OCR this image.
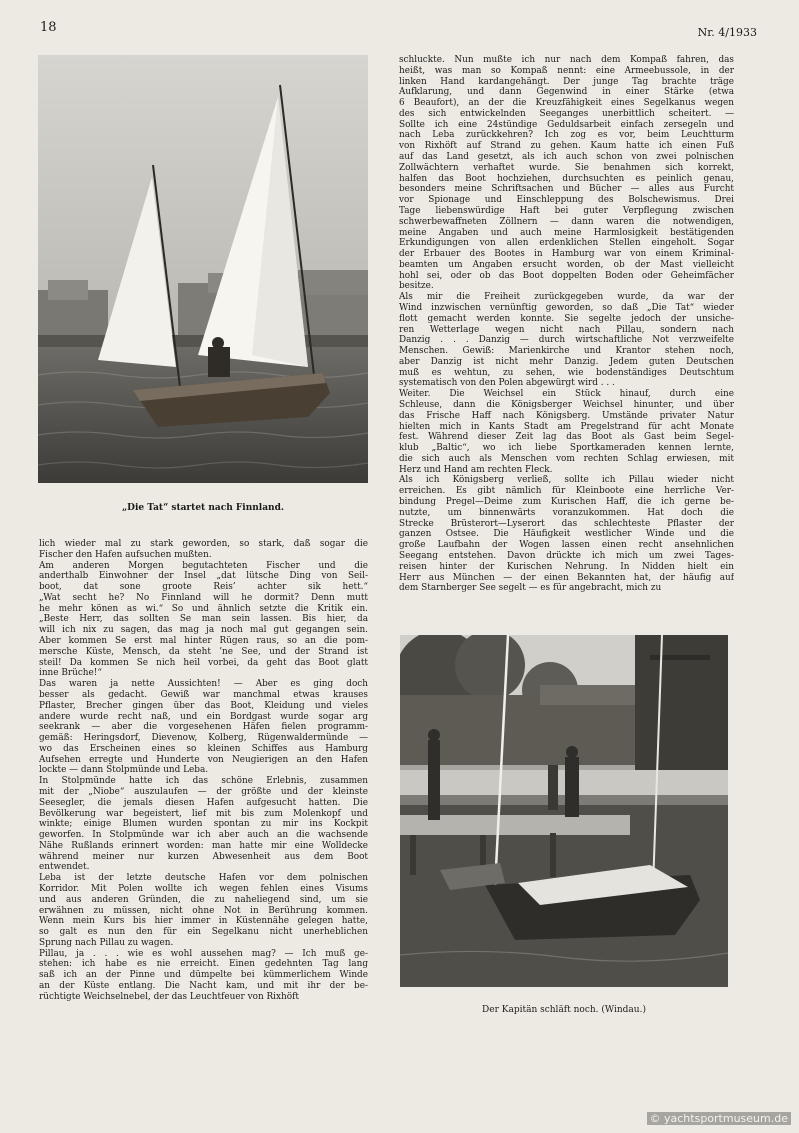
18	Nr. 4/1933
„Die Tat“ startet nach Finnland.
Der Kapitän schläft noch. (Windau.)
lich wieder mal zu stark geworden, so stark, daß sogar die
Fischer den Hafen aufsuchen mußten.
Am anderen Morgen begutachteten Fischer und die
anderthalb Einwohner der Insel „dat lütsche Ding von Seil-
boot, dat sone groote Reis’ achter sik hett.“
„Wat secht he? No Finnland will he dormit? Denn mutt
he mehr könen as wi.“ So und ähnlich setzte die Kritik ein.
„Beste Herr, das sollten Se man sein lassen. Bis hier, da
will ich nix zu sagen, das mag ja noch mal gut gegangen sein.
Aber kommen Se erst mal hinter Rügen raus, so an die pom-
mersche Küste, Mensch, da steht ’ne See, und der Strand ist
steil! Da kommen Se nich heil vorbei, da geht das Boot glatt
inne Brüche!“
Das waren ja nette Aussichten! — Aber es ging doch
besser als gedacht. Gewiß war manchmal etwas krauses
Pflaster, Brecher gingen über das Boot, Kleidung und vieles
andere wurde recht naß, und ein Bordgast wurde sogar arg
seekrank — aber die vorgesehenen Häfen fielen programm-
gemäß: Heringsdorf, Dievenow, Kolberg, Rügenwaldermünde —
wo das Erscheinen eines so kleinen Schiffes aus Hamburg
Aufsehen erregte und Hunderte von Neugierigen an den Hafen
lockte — dann Stolpmünde und Leba.
In Stolpmünde hatte ich das schöne Erlebnis, zusammen
mit der „Niobe“ auszulaufen — der größte und der kleinste
Seesegler, die jemals diesen Hafen aufgesucht hatten. Die
Bevölkerung war begeistert, lief mit bis zum Molenkopf und
winkte; einige Blumen wurden spontan zu mir ins Kockpit
geworfen. In Stolpmünde war ich aber auch an die wachsende
Nähe Rußlands erinnert worden: man hatte mir eine Wolldecke
während meiner nur kurzen Abwesenheit aus dem Boot
entwendet.
Leba ist der letzte deutsche Hafen vor dem polnischen
Korridor. Mit Polen wollte ich wegen fehlen eines Visums
und aus anderen Gründen, die zu naheliegend sind, um sie
erwähnen zu müssen, nicht ohne Not in Berührung kommen.
Wenn mein Kurs bis hier immer in Küstennähe gelegen hatte,
so galt es nun den für ein Segelkanu nicht unerheblichen
Sprung nach Pillau zu wagen.
Pillau, ja . . . wie es wohl aussehen mag? — Ich muß ge-
stehen: ich habe es nie erreicht. Einen gedehnten Tag lang
saß ich an der Pinne und dümpelte bei kümmerlichem Winde
an der Küste entlang. Die Nacht kam, und mit ihr der be-
rüchtigte Weichselnebel, der das Leuchtfeuer von Rixhöft
schluckte. Nun mußte ich nur nach dem Kompaß fahren, das
heißt, was man so Kompaß nennt: eine Armeebussole, in der
linken Hand kardangehängt. Der junge Tag brachte träge
Aufklarung, und dann Gegenwind in einer Stärke (etwa
6 Beaufort), an der die Kreuzfähigkeit eines Segelkanus wegen
des sich entwickelnden Seeganges unerbittlich scheitert. —
Sollte ich eine 24stündige Geduldsarbeit einfach zersegeln und
nach Leba zurückkehren? Ich zog es vor, beim Leuchtturm
von Rixhöft auf Strand zu gehen. Kaum hatte ich einen Fuß
auf das Land gesetzt, als ich auch schon von zwei polnischen
Zollwächtern verhaftet wurde. Sie benahmen sich korrekt,
halfen das Boot hochziehen, durchsuchten es peinlich genau,
besonders meine Schriftsachen und Bücher — alles aus Furcht
vor Spionage und Einschleppung des Bolschewismus. Drei
Tage liebenswürdige Haft bei guter Verpflegung zwischen
schwerbewaffneten Zöllnern — dann waren die notwendigen,
meine Angaben und auch meine Harmlosigkeit bestätigenden
Erkundigungen von allen erdenklichen Stellen eingeholt. Sogar
der Erbauer des Bootes in Hamburg war von einem Kriminal-
beamten um Angaben ersucht worden, ob der Mast vielleicht
hohl sei, oder ob das Boot doppelten Boden oder Geheimfächer
besitze.
Als mir die Freiheit zurückgegeben wurde, da war der
Wind inzwischen vernünftig geworden, so daß „Die Tat“ wieder
flott gemacht werden konnte. Sie segelte jedoch der unsiche-
ren Wetterlage wegen nicht nach Pillau, sondern nach
Danzig . . . Danzig — durch wirtschaftliche Not verzweifelte
Menschen. Gewiß: Marienkirche und Krantor stehen noch,
aber Danzig ist nicht mehr Danzig. Jedem guten Deutschen
muß es wehtun, zu sehen, wie bodenständiges Deutschtum
systematisch von den Polen abgewürgt wird . . .
Weiter. Die Weichsel ein Stück hinauf, durch eine
Schleuse, dann die Königsberger Weichsel hinunter, und über
das Frische Haff nach Königsberg. Umstände privater Natur
hielten mich in Kants Stadt am Pregelstrand für acht Monate
fest. Während dieser Zeit lag das Boot als Gast beim Segel-
klub „Baltic“, wo ich liebe Sportkameraden kennen lernte,
die sich auch als Menschen vom rechten Schlag erwiesen, mit
Herz und Hand am rechten Fleck.
Als ich Königsberg verließ, sollte ich Pillau wieder nicht
erreichen. Es gibt nämlich für Kleinboote eine herrliche Ver-
bindung Pregel—Deime zum Kurischen Haff, die ich gerne be-
nutzte, um binnenwärts voranzukommen. Hat doch die
Strecke Brüsterort—Lyserort das schlechteste Pflaster der
ganzen Ostsee. Die Häufigkeit westlicher Winde und die
große Laufbahn der Wogen lassen einen recht ansehnlichen
Seegang entstehen. Davon drückte ich mich um zwei Tages-
reisen hinter der Kurischen Nehrung. In Nidden hielt ein
Herr aus München — der einen Bekannten hat, der häufig auf
dem Starnberger See segelt — es für angebracht, mich zu
© yachtsportmuseum.de
